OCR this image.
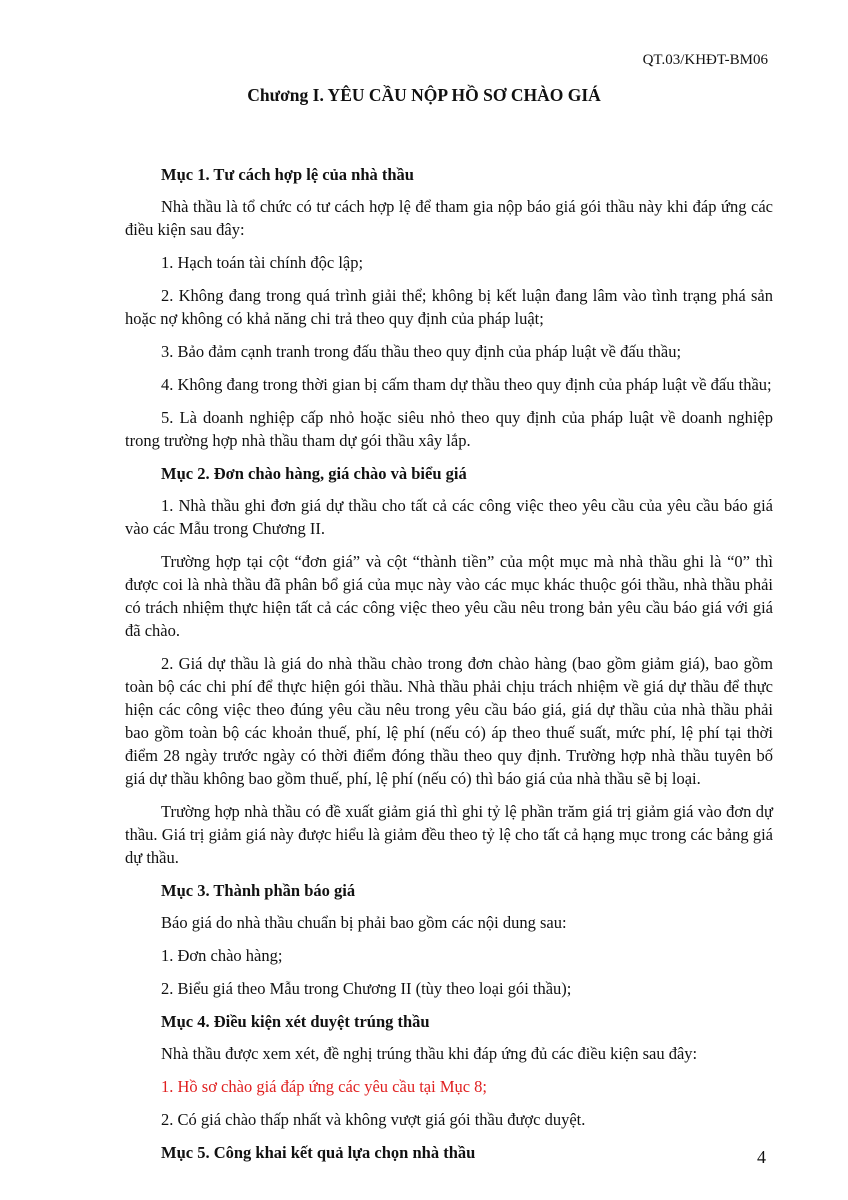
QT.03/KHĐT-BM06
Chương I. YÊU CẦU NỘP HỒ SƠ CHÀO GIÁ

Mục 1. Tư cách hợp lệ của nhà thầu

Nhà thầu là tổ chức có tư cách hợp lệ để tham gia nộp báo giá gói thầu này khi đáp ứng các điều kiện sau đây:

1. Hạch toán tài chính độc lập;

2. Không đang trong quá trình giải thể; không bị kết luận đang lâm vào tình trạng phá sản hoặc nợ không có khả năng chi trả theo quy định của pháp luật;

3. Bảo đảm cạnh tranh trong đấu thầu theo quy định của pháp luật về đấu thầu;

4. Không đang trong thời gian bị cấm tham dự thầu theo quy định của pháp luật về đấu thầu;

5. Là doanh nghiệp cấp nhỏ hoặc siêu nhỏ theo quy định của pháp luật về doanh nghiệp trong trường hợp nhà thầu tham dự gói thầu xây lắp.

Mục 2. Đơn chào hàng, giá chào và biểu giá

1. Nhà thầu ghi đơn giá dự thầu cho tất cả các công việc theo yêu cầu của yêu cầu báo giá vào các Mẫu trong Chương II.

Trường hợp tại cột “đơn giá” và cột “thành tiền” của một mục mà nhà thầu ghi là “0” thì được coi là nhà thầu đã phân bổ giá của mục này vào các mục khác thuộc gói thầu, nhà thầu phải có trách nhiệm thực hiện tất cả các công việc theo yêu cầu nêu trong bản yêu cầu báo giá với giá đã chào.

2. Giá dự thầu là giá do nhà thầu chào trong đơn chào hàng (bao gồm giảm giá), bao gồm toàn bộ các chi phí để thực hiện gói thầu. Nhà thầu phải chịu trách nhiệm về giá dự thầu để thực hiện các công việc theo đúng yêu cầu nêu trong yêu cầu báo giá, giá dự thầu của nhà thầu phải bao gồm toàn bộ các khoản thuế, phí, lệ phí (nếu có) áp theo thuế suất, mức phí, lệ phí tại thời điểm 28 ngày trước ngày có thời điểm đóng thầu theo quy định. Trường hợp nhà thầu tuyên bố giá dự thầu không bao gồm thuế, phí, lệ phí (nếu có) thì báo giá của nhà thầu sẽ bị loại.

Trường hợp nhà thầu có đề xuất giảm giá thì ghi tỷ lệ phần trăm giá trị giảm giá vào đơn dự thầu. Giá trị giảm giá này được hiểu là giảm đều theo tỷ lệ cho tất cả hạng mục trong các bảng giá dự thầu.

Mục 3. Thành phần báo giá

Báo giá do nhà thầu chuẩn bị phải bao gồm các nội dung sau:

1. Đơn chào hàng;

2. Biểu giá theo Mẫu trong Chương II (tùy theo loại gói thầu);

Mục 4. Điều kiện xét duyệt trúng thầu

Nhà thầu được xem xét, đề nghị trúng thầu khi đáp ứng đủ các điều kiện sau đây:

1. Hồ sơ chào giá đáp ứng các yêu cầu tại Mục 8;

2. Có giá chào thấp nhất và không vượt giá gói thầu được duyệt.

Mục 5. Công khai kết quả lựa chọn nhà thầu	4
